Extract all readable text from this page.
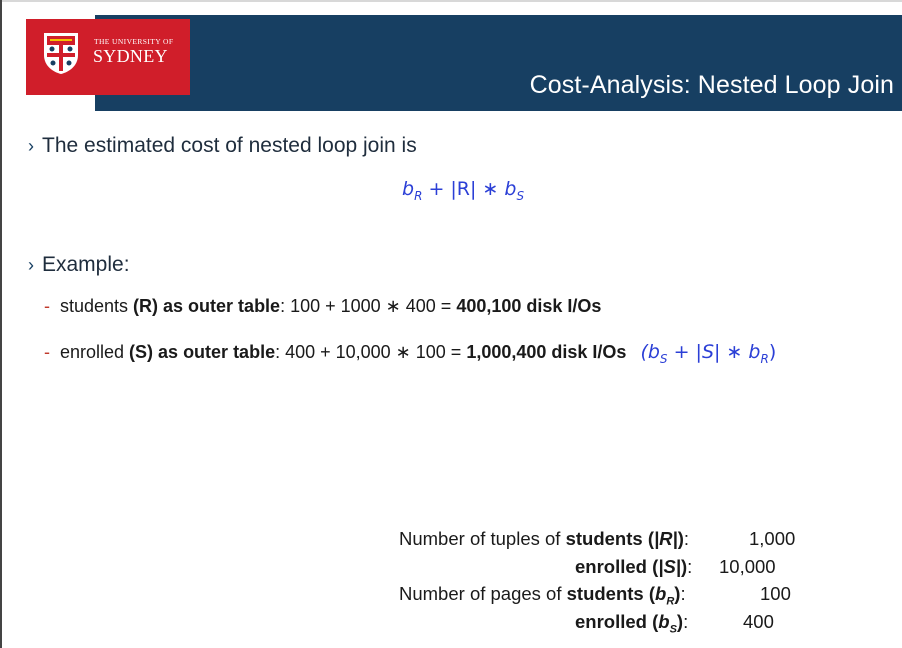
Cost-Analysis: Nested Loop Join
THE UNIVERSITY OF
SYDNEY
› The estimated cost of nested loop join is
$b_R + |R|$ ∗ $b_S$
› Example:
- students (R) as outer table: 100 + 1000 ∗ 400 = 400,100 disk I/Os
- enrolled (S) as outer table: 400 + 10,000 ∗ 100 = 1,000,400 disk I/Os ($b_S + |S|$ ∗ $b_R$)
Number of tuples of students (|R|):	1,000
enrolled (|S|): 10,000
Number of pages of students $(b_R)$:	100
enrolled $(b_S)$:	400
